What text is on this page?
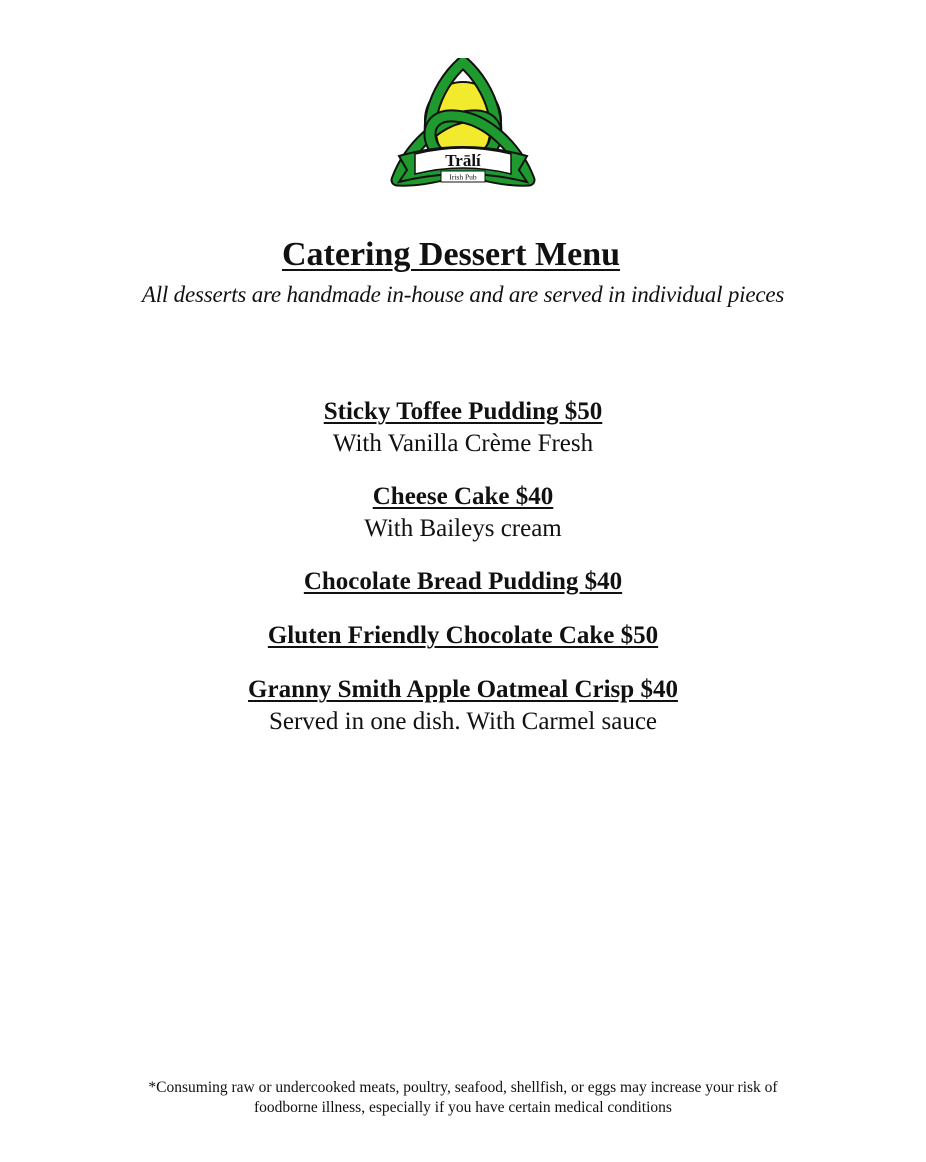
Trālí
Irish Pub
Catering Dessert Menu
All desserts are handmade in-house and are served in individual pieces
Sticky Toffee Pudding $50
With Vanilla Crème Fresh
Cheese Cake $40
With Baileys cream
Chocolate Bread Pudding $40
Gluten Friendly Chocolate Cake $50
Granny Smith Apple Oatmeal Crisp $40
Served in one dish. With Carmel sauce
*Consuming raw or undercooked meats, poultry, seafood, shellfish, or eggs may increase your risk of
foodborne illness, especially if you have certain medical conditions
